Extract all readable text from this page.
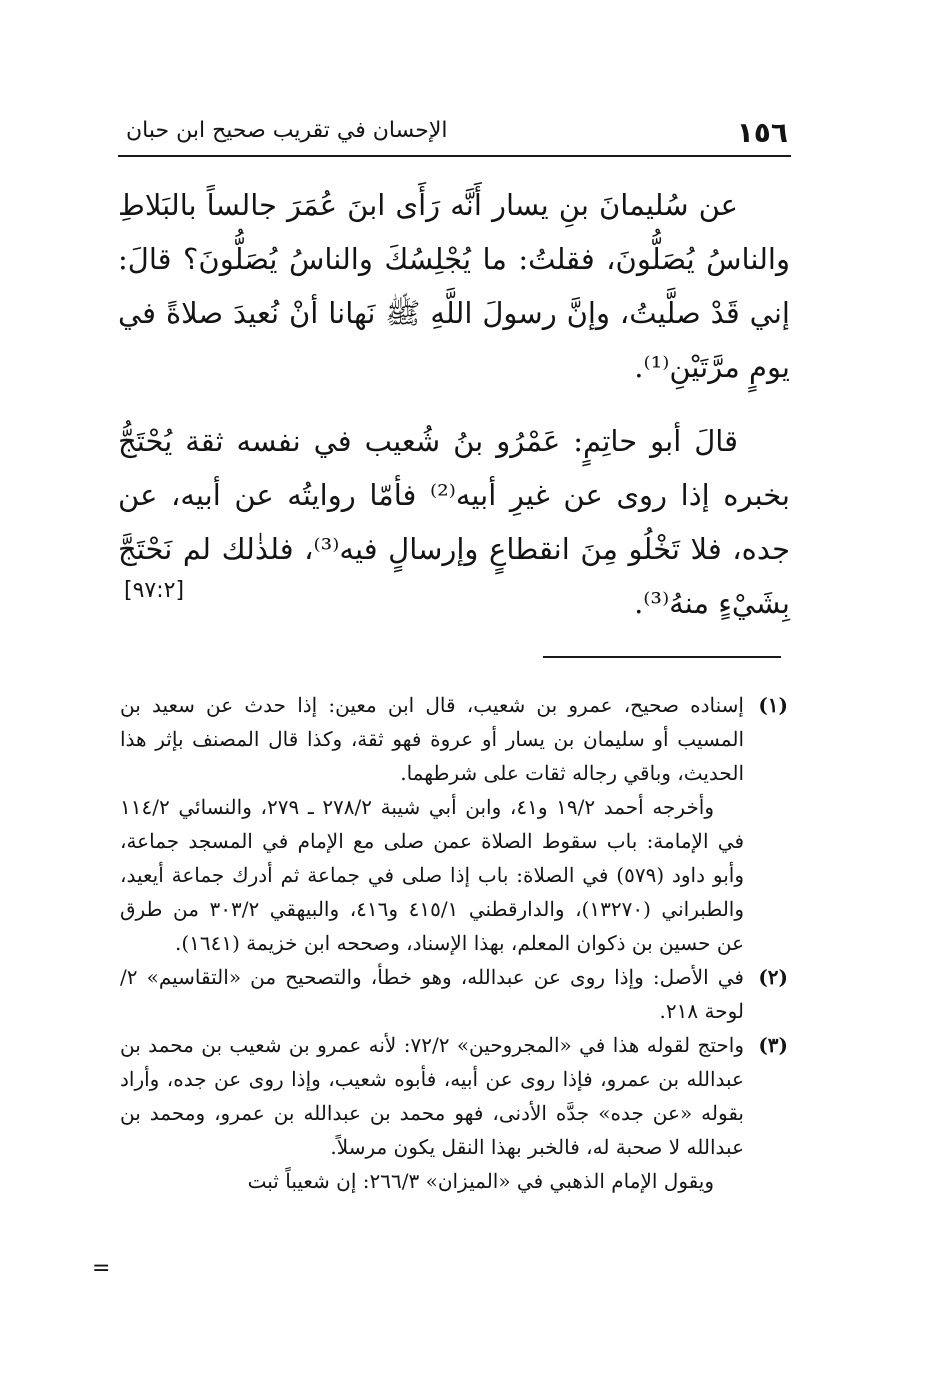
١٥٦
الإحسان في تقريب صحيح ابن حبان

عن سُليمانَ بنِ يسار أَنَّه رَأَى ابنَ عُمَرَ جالساً بالبَلاطِ والناسُ يُصَلُّونَ، فقلتُ: ما يُجْلِسُكَ والناسُ يُصَلُّونَ؟ قالَ: إني قَدْ صلَّيتُ، وإنَّ رسولَ اللَّهِ ﷺ نَهانا أنْ نُعيدَ صلاةً في يومٍ مرَّتَيْنِ⁽¹⁾.

قالَ أبو حاتِمٍ: عَمْرُو بنُ شُعيب في نفسه ثقة يُحْتَجُّ بخبره إذا روى عن غيرِ أبيه⁽²⁾ فأمّا روايتُه عن أبيه، عن جده، فلا تَخْلُو مِنَ انقطاعٍ وإرسالٍ فيه⁽³⁾، فلذٰلك لم نَحْتَجَّ بِشَيْءٍ منهُ⁽³⁾.

[٩٧:٢]
(١)

إسناده صحيح، عمرو بن شعيب، قال ابن معين: إذا حدث عن سعيد بن المسيب أو سليمان بن يسار أو عروة فهو ثقة، وكذا قال المصنف بإثر هذا الحديث، وباقي رجاله ثقات على شرطهما.

وأخرجه أحمد ١٩/٢ و٤١، وابن أبي شيبة ٢٧٨/٢ ـ ٢٧٩، والنسائي ١١٤/٢ في الإمامة: باب سقوط الصلاة عمن صلى مع الإمام في المسجد جماعة، وأبو داود (٥٧٩) في الصلاة: باب إذا صلى في جماعة ثم أدرك جماعة أيعيد، والطبراني (١٣٢٧٠)، والدارقطني ٤١٥/١ و٤١٦، والبيهقي ٣٠٣/٢ من طرق عن حسين بن ذكوان المعلم، بهذا الإسناد، وصححه ابن خزيمة (١٦٤١).

(٢)

في الأصل: وإذا روى عن عبدالله، وهو خطأ، والتصحيح من «التقاسيم» ٢/لوحة ٢١٨.

(٣)

واحتج لقوله هذا في «المجروحين» ٧٢/٢: لأنه عمرو بن شعيب بن محمد بن عبدالله بن عمرو، فإذا روى عن أبيه، فأبوه شعيب، وإذا روى عن جده، وأراد بقوله «عن جده» جدَّه الأدنى، فهو محمد بن عبدالله بن عمرو، ومحمد بن عبدالله لا صحبة له، فالخبر بهذا النقل يكون مرسلاً.

ويقول الإمام الذهبي في «الميزان» ٢٦٦/٣: إن شعيباً ثبت

=
